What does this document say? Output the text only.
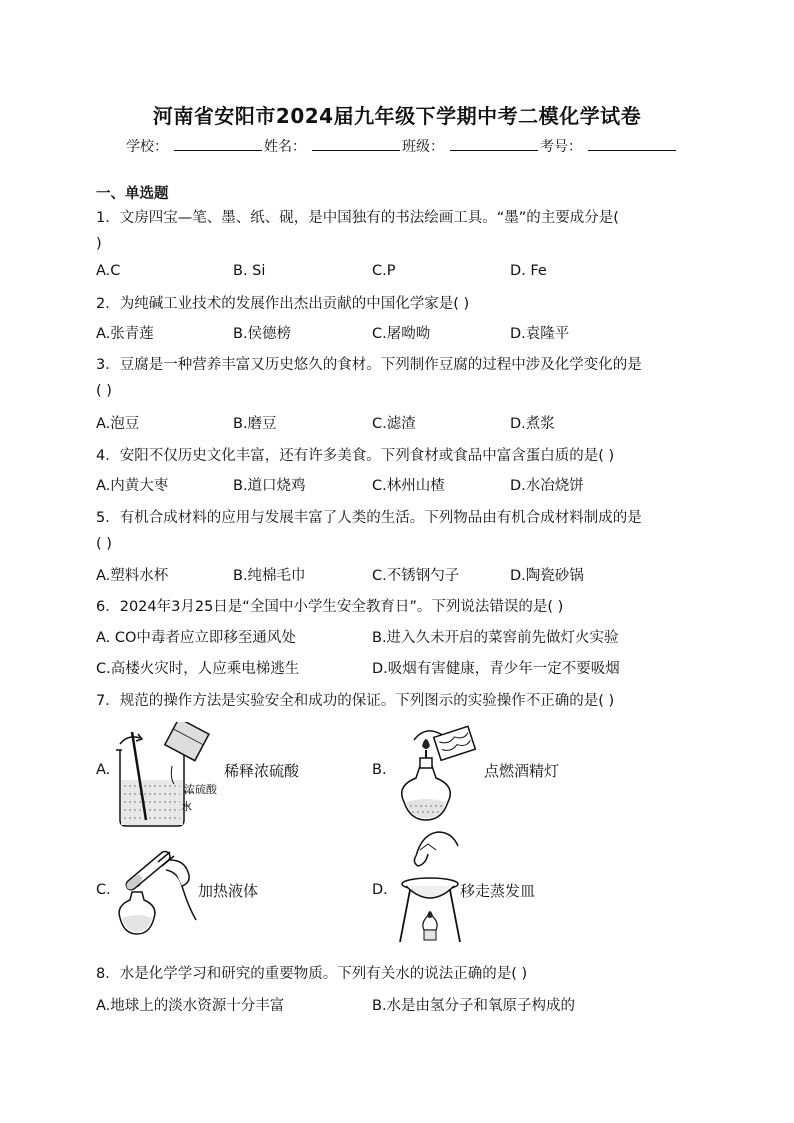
河南省安阳市2024届九年级下学期中考二模化学试卷
学校：	姓名：	班级：	考号：
一、单选题
1．文房四宝—笔、墨、纸、砚，是中国独有的书法绘画工具。“墨”的主要成分是(
)
A.C	B. Si	C.P	D. Fe
2．为纯碱工业技术的发展作出杰出贡献的中国化学家是( )
A.张青莲	B.侯德榜	C.屠呦呦	D.袁隆平
3．豆腐是一种营养丰富又历史悠久的食材。下列制作豆腐的过程中涉及化学变化的是
( )
A.泡豆	B.磨豆	C.滤渣	D.煮浆
4．安阳不仅历史文化丰富，还有许多美食。下列食材或食品中富含蛋白质的是( )
A.内黄大枣	B.道口烧鸡	C.林州山楂	D.水冶烧饼
5．有机合成材料的应用与发展丰富了人类的生活。下列物品由有机合成材料制成的是
( )
A.塑料水杯	B.纯棉毛巾	C.不锈钢勺子	D.陶瓷砂锅
6．2024年3月25日是“全国中小学生安全教育日”。下列说法错误的是( )
A. CO中毒者应立即移至通风处	B.进入久未开启的菜窖前先做灯火实验
C.高楼火灾时，人应乘电梯逃生	D.吸烟有害健康，青少年一定不要吸烟
7．规范的操作方法是实验安全和成功的保证。下列图示的实验操作不正确的是( )
A.
浓硫酸
水
稀释浓硫酸	B.	点燃酒精灯
C.	加热液体	D.	移走蒸发皿
8．水是化学学习和研究的重要物质。下列有关水的说法正确的是( )
A.地球上的淡水资源十分丰富	B.水是由氢分子和氧原子构成的
